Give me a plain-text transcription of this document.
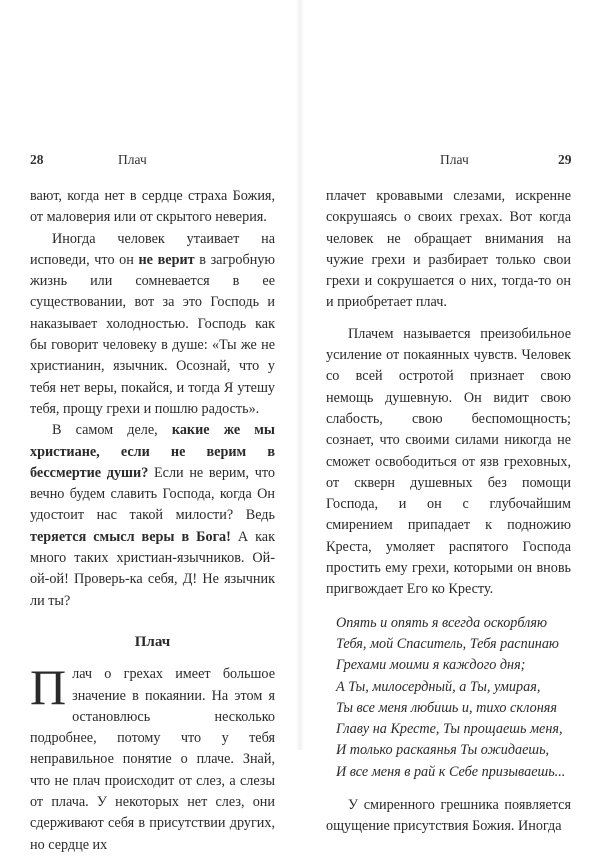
28	Плач

вают, когда нет в сердце страха Божия, от маловерия или от скрытого неверия.

Иногда человек утаивает на исповеди, что он не верит в загробную жизнь или сомневается в ее существовании, вот за это Господь и наказывает холодностью. Господь как бы говорит человеку в душе: «Ты же не христианин, язычник. Осознай, что у тебя нет веры, покайся, и тогда Я утешу тебя, прощу грехи и пошлю радость».

В самом деле, какие же мы христиане, если не верим в бессмертие души? Если не верим, что вечно будем славить Господа, когда Он удостоит нас такой милости? Ведь теряется смысл веры в Бога! А как много таких христиан-язычников. Ой-ой-ой! Проверь-ка себя, Д! Не язычник ли ты?

Плач

Плач о грехах имеет большое значение в покаянии. На этом я остановлюсь несколько подробнее, потому что у тебя неправильное понятие о плаче. Знай, что не плач происходит от слез, а слезы от плача. У некоторых нет слез, они сдерживают себя в присутствии других, но сердце их

Плач	29

плачет кровавыми слезами, искренне сокрушаясь о своих грехах. Вот когда человек не обращает внимания на чужие грехи и разбирает только свои грехи и сокрушается о них, тогда-то он и приобретает плач.

Плачем называется преизобильное усиление от покаянных чувств. Человек со всей остротой признает свою немощь душевную. Он видит свою слабость, свою беспомощность; сознает, что своими силами никогда не сможет освободиться от язв греховных, от скверн душевных без помощи Господа, и он с глубочайшим смирением припадает к подножию Креста, умоляет распятого Господа простить ему грехи, которыми он вновь пригвождает Его ко Кресту.

Опять и опять я всегда оскорбляю
Тебя, мой Спаситель, Тебя распинаю
Грехами моими я каждого дня;
А Ты, милосердный, а Ты, умирая,
Ты все меня любишь и, тихо склоняя
Главу на Кресте, Ты прощаешь меня,
И только раскаянья Ты ожидаешь,
И все меня в рай к Себе призываешь...

У смиренного грешника появляется ощущение присутствия Божия. Иногда
